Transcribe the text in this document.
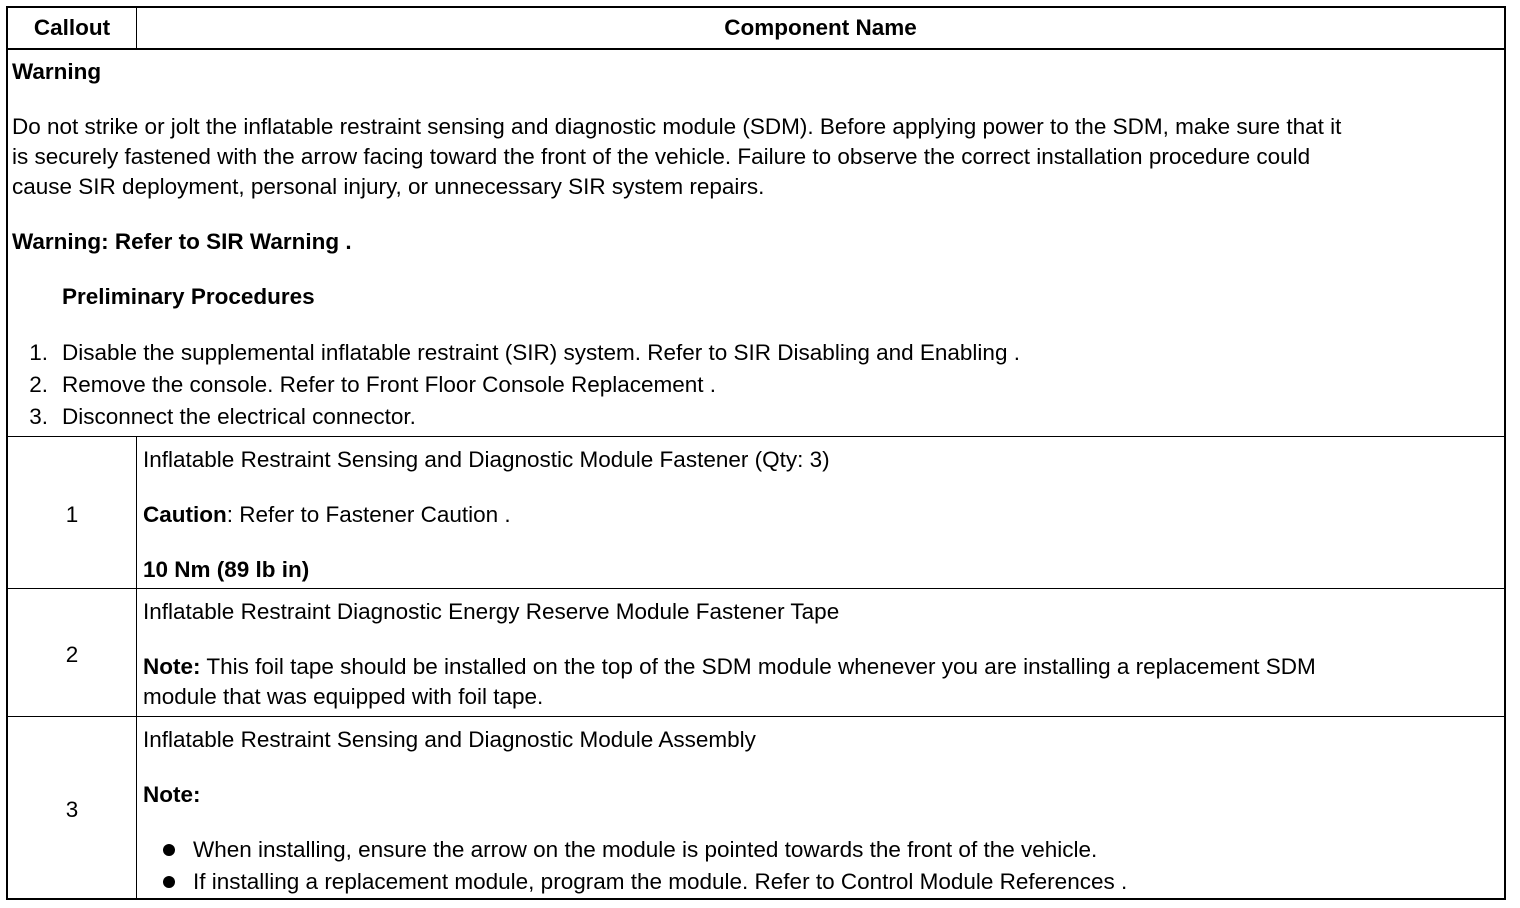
Callout	Component Name
Warning
Do not strike or jolt the inflatable restraint sensing and diagnostic module (SDM). Before applying power to the SDM, make sure that it
is securely fastened with the arrow facing toward the front of the vehicle. Failure to observe the correct installation procedure could
cause SIR deployment, personal injury, or unnecessary SIR system repairs.
Warning: Refer to SIR Warning .
Preliminary Procedures
1. Disable the supplemental inflatable restraint (SIR) system. Refer to SIR Disabling and Enabling .
2. Remove the console. Refer to Front Floor Console Replacement .
3. Disconnect the electrical connector.
1
Inflatable Restraint Sensing and Diagnostic Module Fastener (Qty: 3)
Caution: Refer to Fastener Caution .
10 Nm (89 lb in)
2
Inflatable Restraint Diagnostic Energy Reserve Module Fastener Tape
Note: This foil tape should be installed on the top of the SDM module whenever you are installing a replacement SDM
module that was equipped with foil tape.
3
Inflatable Restraint Sensing and Diagnostic Module Assembly
Note:
When installing, ensure the arrow on the module is pointed towards the front of the vehicle.
If installing a replacement module, program the module. Refer to Control Module References .
